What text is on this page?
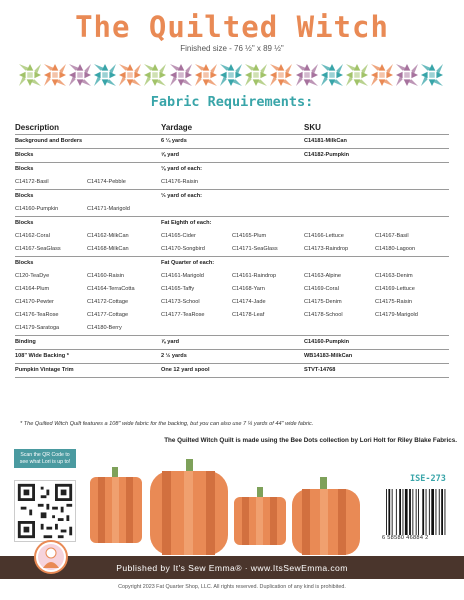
The Quilted Witch
Finished size - 76 ½" x 89 ½"
Fabric Requirements:
Description	Yardage	SKU
Background and Borders	6 ¼ yards	C14181-MilkCan
Blocks	⅝ yard	C14182-Pumpkin
Blocks	⅛ yard of each:
C14172-Basil	C14174-Pebble	C14176-Raisin
Blocks	⅓ yard of each:
C14160-Pumpkin	C14171-Marigold
Blocks	Fat Eighth of each:
C14162-Coral	C14162-MilkCan	C14165-Cider	C14165-Plum	C14166-Lettuce	C14167-Basil
C14167-SeaGlass	C14168-MilkCan	C14170-Songbird	C14171-SeaGlass	C14173-Raindrop	C14180-Lagoon
Blocks	Fat Quarter of each:
C120-TeaDye	C14160-Raisin	C14161-Marigold	C14161-Raindrop	C14163-Alpine	C14163-Denim
C14164-Plum	C14164-TerraCotta	C14165-Taffy	C14168-Yarn	C14169-Coral	C14169-Lettuce
C14170-Pewter	C14172-Cottage	C14173-School	C14174-Jade	C14175-Denim	C14175-Raisin
C14176-TeaRose	C14177-Cottage	C14177-TeaRose	C14178-Leaf	C14178-School	C14179-Marigold
C14179-Saratoga	C14180-Berry
Binding	⅞ yard	C14160-Pumpkin
108" Wide Backing *	2 ½ yards	WB14183-MilkCan
Pumpkin Vintage Trim	One 12 yard spool	STVT-14768
* The Quilted Witch Quilt features a 108" wide fabric for the backing, but you can also use 7 ¼ yards of 44" wide fabric.
The Quilted Witch Quilt is made using the Bee Dots collection by Lori Holt for Riley Blake Fabrics.
Scan the QR Code to see what Lori is up to!
ISE-273
6 58580 46884 2
Published by It's Sew Emma® · www.ItsSewEmma.com
Copyright 2023 Fat Quarter Shop, LLC. All rights reserved. Duplication of any kind is prohibited.
